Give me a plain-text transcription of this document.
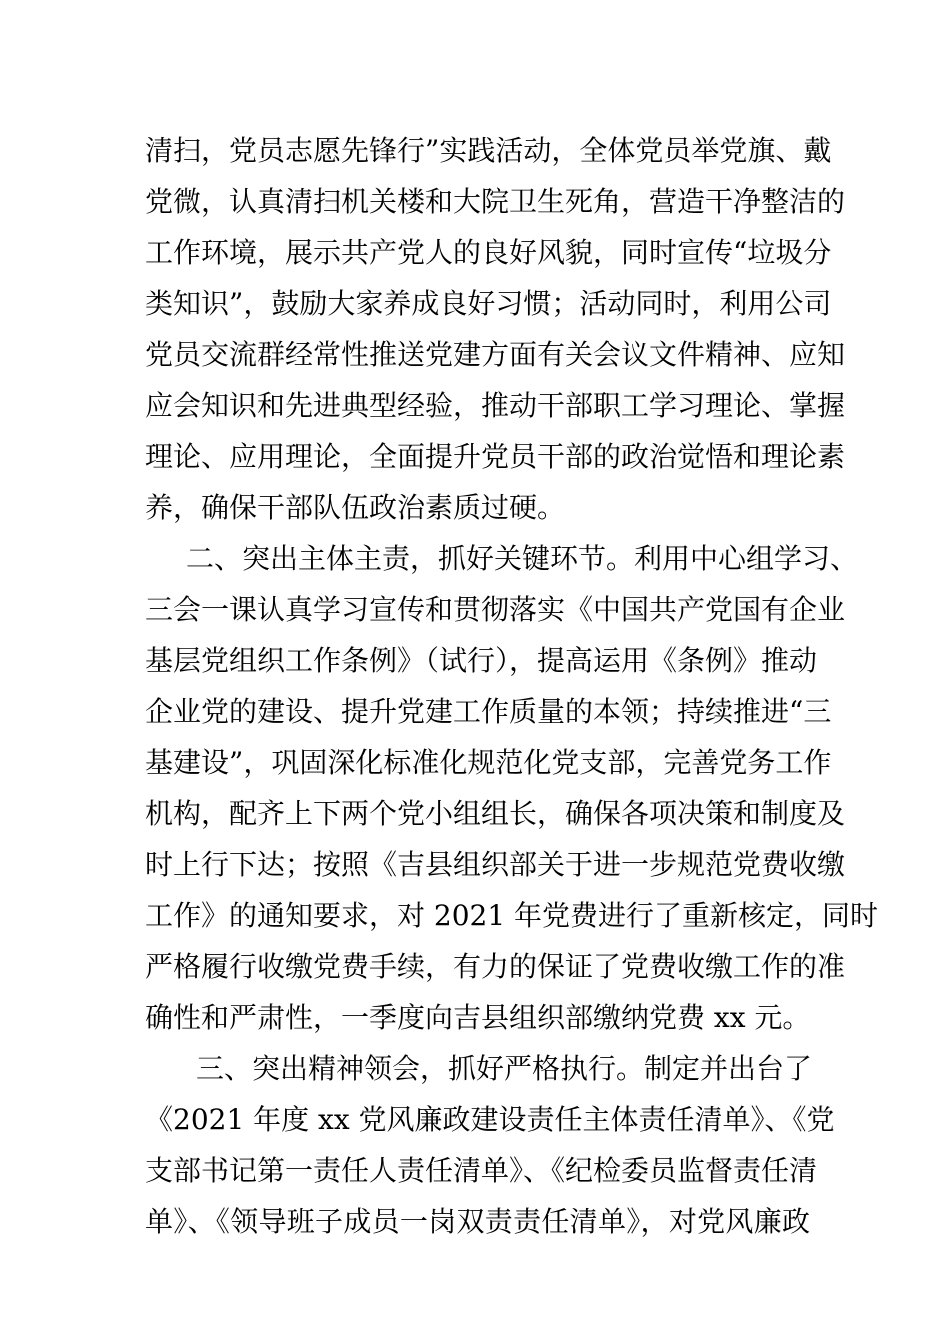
清扫，党员志愿先锋行”实践活动，全体党员举党旗、戴
党微，认真清扫机关楼和大院卫生死角，营造干净整洁的
工作环境，展示共产党人的良好风貌，同时宣传“垃圾分
类知识”，鼓励大家养成良好习惯；活动同时，利用公司
党员交流群经常性推送党建方面有关会议文件精神、应知
应会知识和先进典型经验，推动干部职工学习理论、掌握
理论、应用理论，全面提升党员干部的政治觉悟和理论素
养，确保干部队伍政治素质过硬。
二、突出主体主责，抓好关键环节。利用中心组学习、
三会一课认真学习宣传和贯彻落实《中国共产党国有企业
基层党组织工作条例》（试行），提高运用《条例》推动
企业党的建设、提升党建工作质量的本领；持续推进“三
基建设”，巩固深化标准化规范化党支部，完善党务工作
机构，配齐上下两个党小组组长，确保各项决策和制度及
时上行下达；按照《吉县组织部关于进一步规范党费收缴
工作》的通知要求，对 2021 年党费进行了重新核定，同时
严格履行收缴党费手续，有力的保证了党费收缴工作的准
确性和严肃性，一季度向吉县组织部缴纳党费 xx 元。
三、突出精神领会，抓好严格执行。制定并出台了
《2021 年度 xx 党风廉政建设责任主体责任清单》、《党
支部书记第一责任人责任清单》、《纪检委员监督责任清
单》、《领导班子成员一岗双责责任清单》，对党风廉政
